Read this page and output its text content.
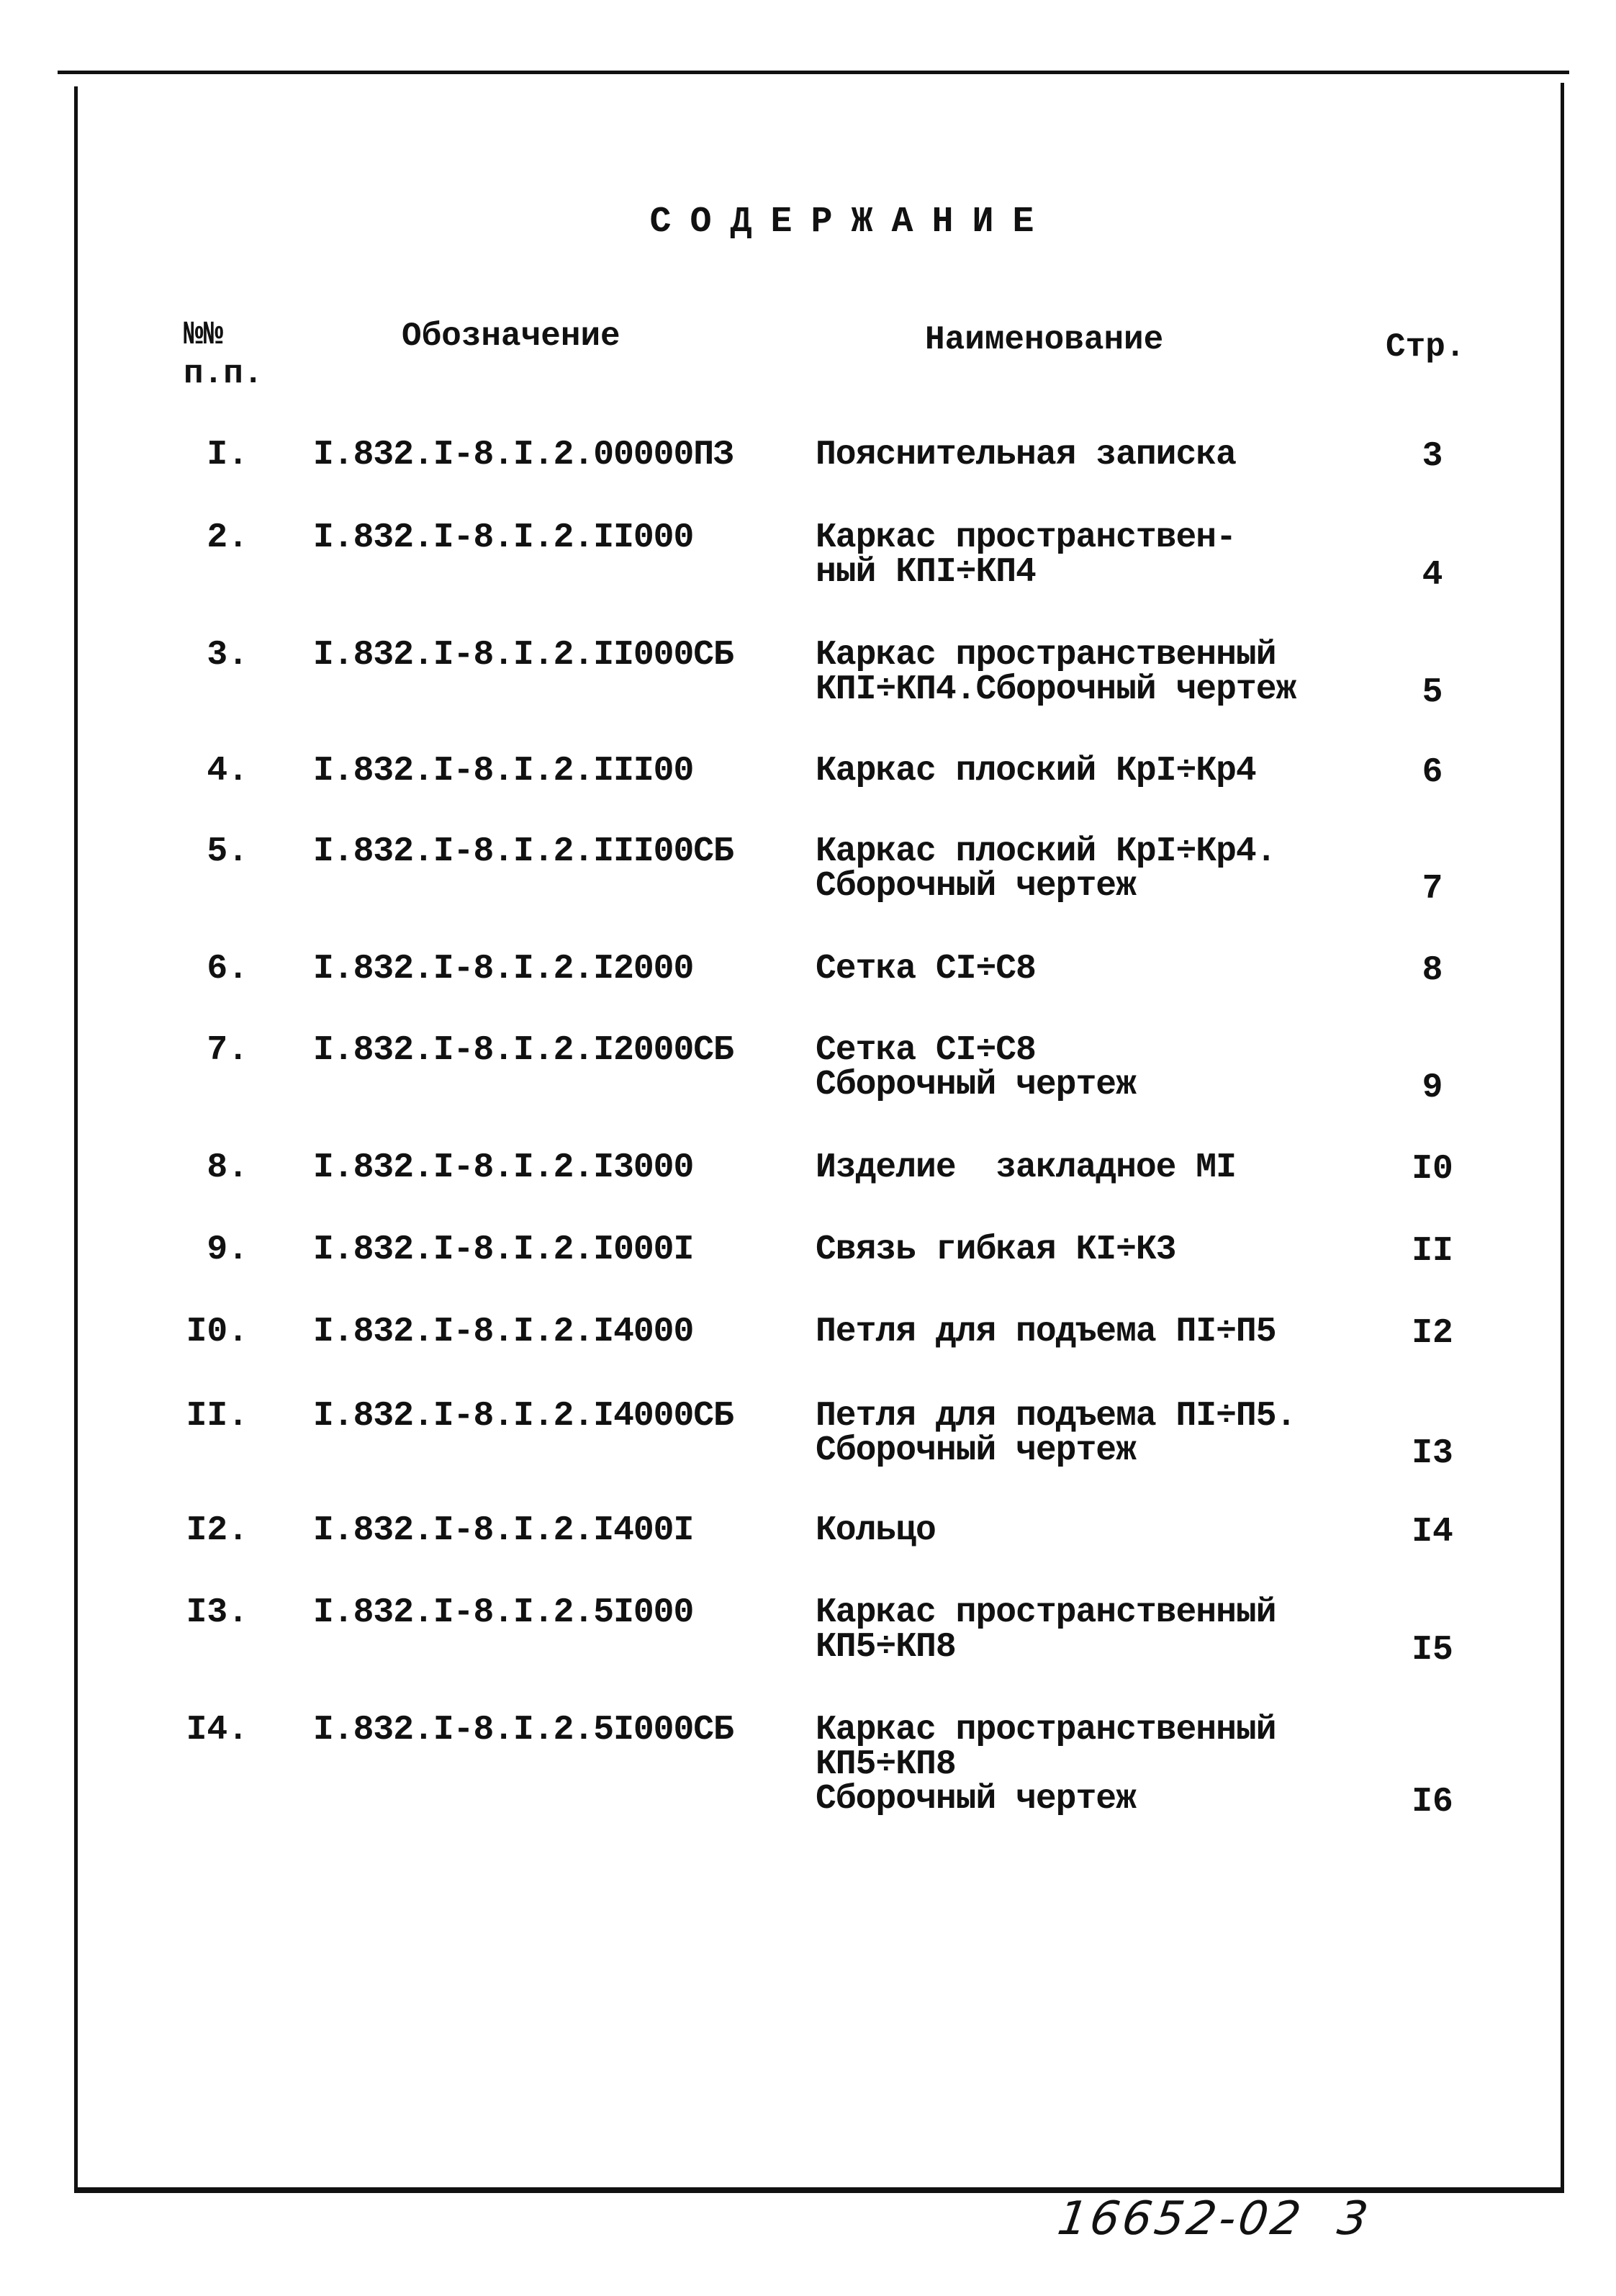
СОДЕРЖАНИЕ
№№
п.п.
Обозначение	Наименование	Стр.
I. I.832.I-8.I.2.00000ПЗ Пояснительная записка	3
2. I.832.I-8.I.2.II000	Каркас пространствен-
ный КПI÷КП4	4
3. I.832.I-8.I.2.II000СБ Каркас пространственный
КПI÷КП4.Сборочный чертеж	5
4. I.832.I-8.I.2.III00	Каркас плоский КрI÷Кр4	6
5. I.832.I-8.I.2.III00СБ Каркас плоский КрI÷Кр4.
Сборочный чертеж	7
6. I.832.I-8.I.2.I2000	Сетка СI÷С8	8
7. I.832.I-8.I.2.I2000СБ Сетка СI÷С8
Сборочный чертеж	9
8. I.832.I-8.I.2.I3000	Изделие  закладное МI	I0
9. I.832.I-8.I.2.I000I	Связь гибкая КI÷К3	II
I0. I.832.I-8.I.2.I4000	Петля для подъема ПI÷П5	I2
II. I.832.I-8.I.2.I4000СБ Петля для подъема ПI÷П5.
Сборочный чертеж	I3
I2. I.832.I-8.I.2.I400I	Кольцо	I4
I3. I.832.I-8.I.2.5I000	Каркас пространственный
КП5÷КП8	I5
I4. I.832.I-8.I.2.5I000СБ Каркас пространственный
КП5÷КП8
Сборочный чертеж	I6
16652-02 3
